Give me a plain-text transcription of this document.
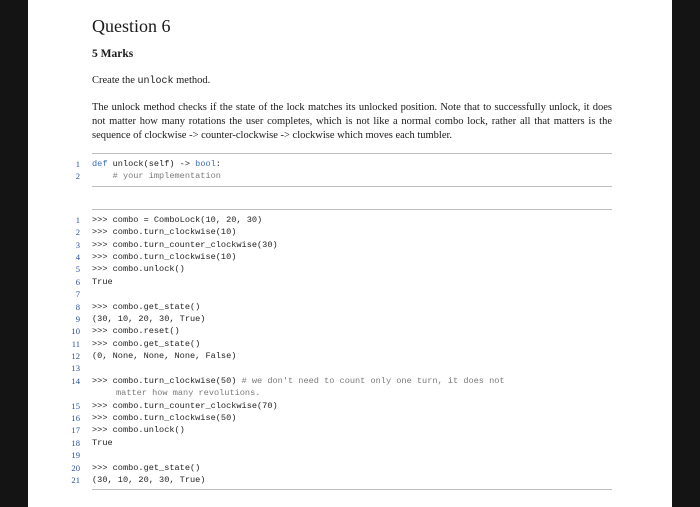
Question 6
5 Marks
Create the unlock method.
The unlock method checks if the state of the lock matches its unlocked position. Note that to successfully unlock, it does not matter how many rotations the user completes, which is not like a normal combo lock, rather all that matters is the sequence of clockwise -> counter-clockwise -> clockwise which moves each tumbler.
1 def unlock(self) -> bool:
2 # your implementation
1 >>> combo = ComboLock(10, 20, 30)
2 >>> combo.turn_clockwise(10)
3 >>> combo.turn_counter_clockwise(30)
4 >>> combo.turn_clockwise(10)
5 >>> combo.unlock()
6 True
7
8 >>> combo.get_state()
9 (30, 10, 20, 30, True)
10 >>> combo.reset()
11 >>> combo.get_state()
12 (0, None, None, None, False)
13
14 >>> combo.turn_clockwise(50) # we don't need to count only one turn, it does not
matter how many revolutions.
15 >>> combo.turn_counter_clockwise(70)
16 >>> combo.turn_clockwise(50)
17 >>> combo.unlock()
18 True
19
20 >>> combo.get_state()
21 (30, 10, 20, 30, True)
